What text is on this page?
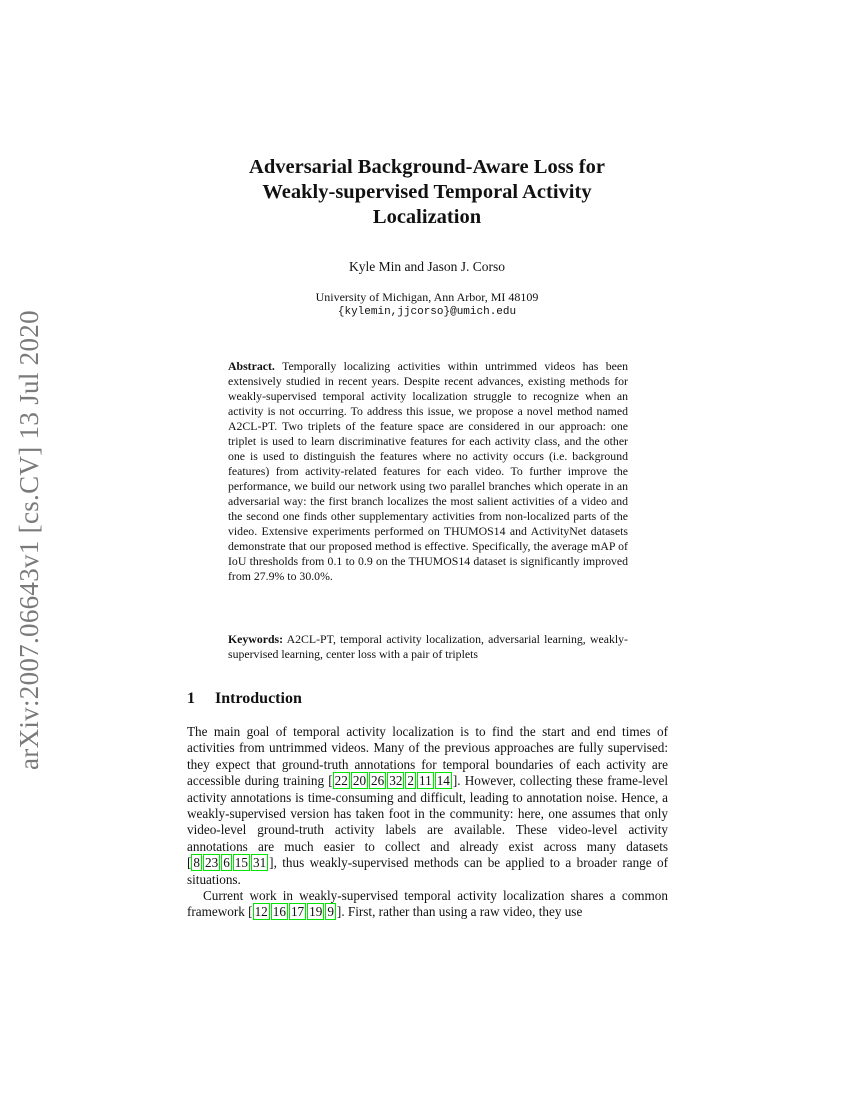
arXiv:2007.06643v1 [cs.CV] 13 Jul 2020
Adversarial Background-Aware Loss for
Weakly-supervised Temporal Activity
Localization
Kyle Min and Jason J. Corso
University of Michigan, Ann Arbor, MI 48109
{kylemin,jjcorso}@umich.edu
Abstract. Temporally localizing activities within untrimmed videos has been extensively studied in recent years. Despite recent advances, existing methods for weakly-supervised temporal activity localization struggle to recognize when an activity is not occurring. To address this issue, we propose a novel method named A2CL-PT. Two triplets of the feature space are considered in our approach: one triplet is used to learn discriminative features for each activity class, and the other one is used to distinguish the features where no activity occurs (i.e. background features) from activity-related features for each video. To further improve the performance, we build our network using two parallel branches which operate in an adversarial way: the first branch localizes the most salient activities of a video and the second one finds other supplementary activities from non-localized parts of the video. Extensive experiments performed on THUMOS14 and ActivityNet datasets demonstrate that our proposed method is effective. Specifically, the average mAP of IoU thresholds from 0.1 to 0.9 on the THUMOS14 dataset is significantly improved from 27.9% to 30.0%.
Keywords: A2CL-PT, temporal activity localization, adversarial learning, weakly-supervised learning, center loss with a pair of triplets
1 Introduction

The main goal of temporal activity localization is to find the start and end times of activities from untrimmed videos. Many of the previous approaches are fully supervised: they expect that ground-truth annotations for temporal boundaries of each activity are accessible during training [ 22 20 26 32 2 11 14 ]. However, collecting these frame-level activity annotations is time-consuming and difficult, leading to annotation noise. Hence, a weakly-supervised version has taken foot in the community: here, one assumes that only video-level ground-truth activity labels are available. These video-level activity annotations are much easier to collect and already exist across many datasets [ 8 23 6 15 31 ], thus weakly-supervised methods can be applied to a broader range of situations.

Current work in weakly-supervised temporal activity localization shares a common framework [ 12 16 17 19 9 ]. First, rather than using a raw video, they use
